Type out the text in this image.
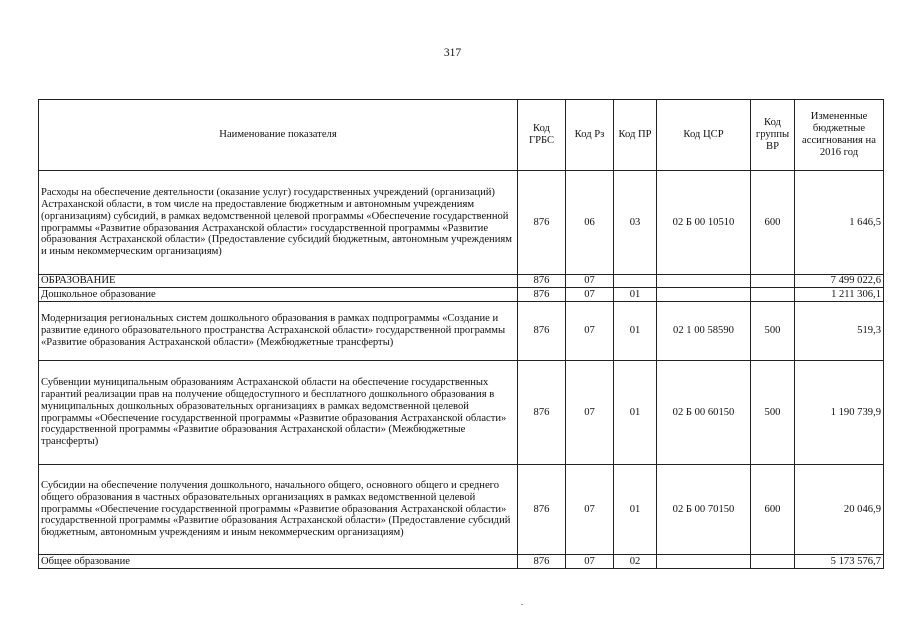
317
Наименование показателя	Код ГРБС	Код Рз	Код ПР	Код ЦСР	Код группы ВР	Измененные бюджетные ассигнования на 2016 год
Расходы на обеспечение деятельности (оказание услуг) государственных учреждений (организаций) Астраханской области, в том числе на предоставление бюджетным и автономным учреждениям (организациям) субсидий, в рамках ведомственной целевой программы «Обеспечение государственной программы «Развитие образования Астраханской области» государственной программы «Развитие образования Астраханской области» (Предоставление субсидий бюджетным, автономным учреждениям и иным некоммерческим организациям)	876	06	03	02 Б 00 10510	600	1 646,5
ОБРАЗОВАНИЕ	876	07				7 499 022,6
Дошкольное образование	876	07	01			1 211 306,1
Модернизация региональных систем дошкольного образования в рамках подпрограммы «Создание и развитие единого образовательного пространства Астраханской области» государственной программы «Развитие образования Астраханской области» (Межбюджетные трансферты)	876	07	01	02 1 00 58590	500	519,3
Субвенции муниципальным образованиям Астраханской области на обеспечение государственных гарантий реализации прав на получение общедоступного и бесплатного дошкольного образования в муниципальных дошкольных образовательных организациях в рамках ведомственной целевой программы «Обеспечение государственной программы «Развитие образования Астраханской области» государственной программы «Развитие образования Астраханской области» (Межбюджетные трансферты)	876	07	01	02 Б 00 60150	500	1 190 739,9
Субсидии на обеспечение получения дошкольного, начального общего, основного общего и среднего общего образования в частных образовательных организациях в рамках ведомственной целевой программы «Обеспечение государственной программы «Развитие образования Астраханской области» государственной программы «Развитие образования Астраханской области» (Предоставление субсидий бюджетным, автономным учреждениям и иным некоммерческим организациям)	876	07	01	02 Б 00 70150	600	20 046,9
Общее образование	876	07	02			5 173 576,7
